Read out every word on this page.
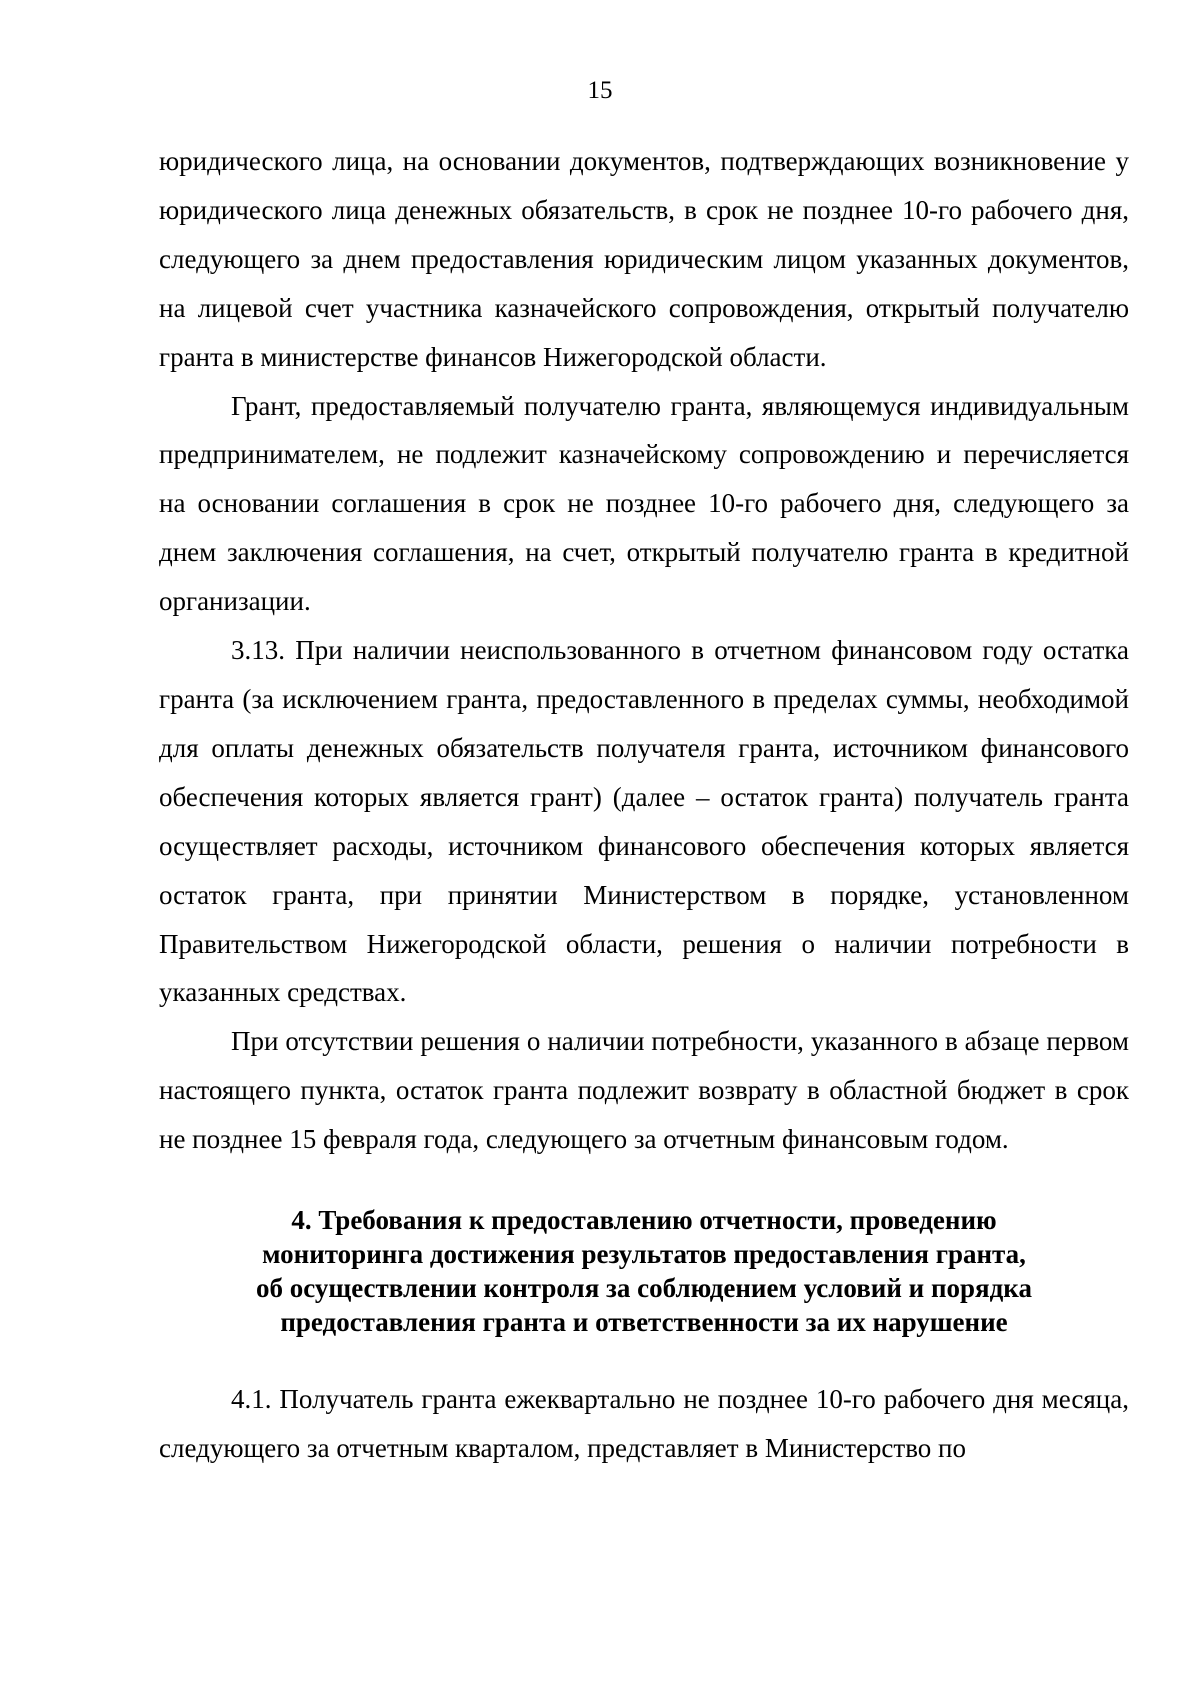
15

юридического лица, на основании документов, подтверждающих возникновение у юридического лица денежных обязательств, в срок не позднее 10-го рабочего дня, следующего за днем предоставления юридическим лицом указанных документов, на лицевой счет участника казначейского сопровождения, открытый получателю гранта в министерстве финансов Нижегородской области.

Грант, предоставляемый получателю гранта, являющемуся индивидуальным предпринимателем, не подлежит казначейскому сопровождению и перечисляется на основании соглашения в срок не позднее 10-го рабочего дня, следующего за днем заключения соглашения, на счет, открытый получателю гранта в кредитной организации.

3.13. При наличии неиспользованного в отчетном финансовом году остатка гранта (за исключением гранта, предоставленного в пределах суммы, необходимой для оплаты денежных обязательств получателя гранта, источником финансового обеспечения которых является грант) (далее – остаток гранта) получатель гранта осуществляет расходы, источником финансового обеспечения которых является остаток гранта, при принятии Министерством в порядке, установленном Правительством Нижегородской области, решения о наличии потребности в указанных средствах.

При отсутствии решения о наличии потребности, указанного в абзаце первом настоящего пункта, остаток гранта подлежит возврату в областной бюджет в срок не позднее 15 февраля года, следующего за отчетным финансовым годом.

4. Требования к предоставлению отчетности, проведению
мониторинга достижения результатов предоставления гранта,
об осуществлении контроля за соблюдением условий и порядка
предоставления гранта и ответственности за их нарушение

4.1. Получатель гранта ежеквартально не позднее 10-го рабочего дня месяца, следующего за отчетным кварталом, представляет в Министерство по
